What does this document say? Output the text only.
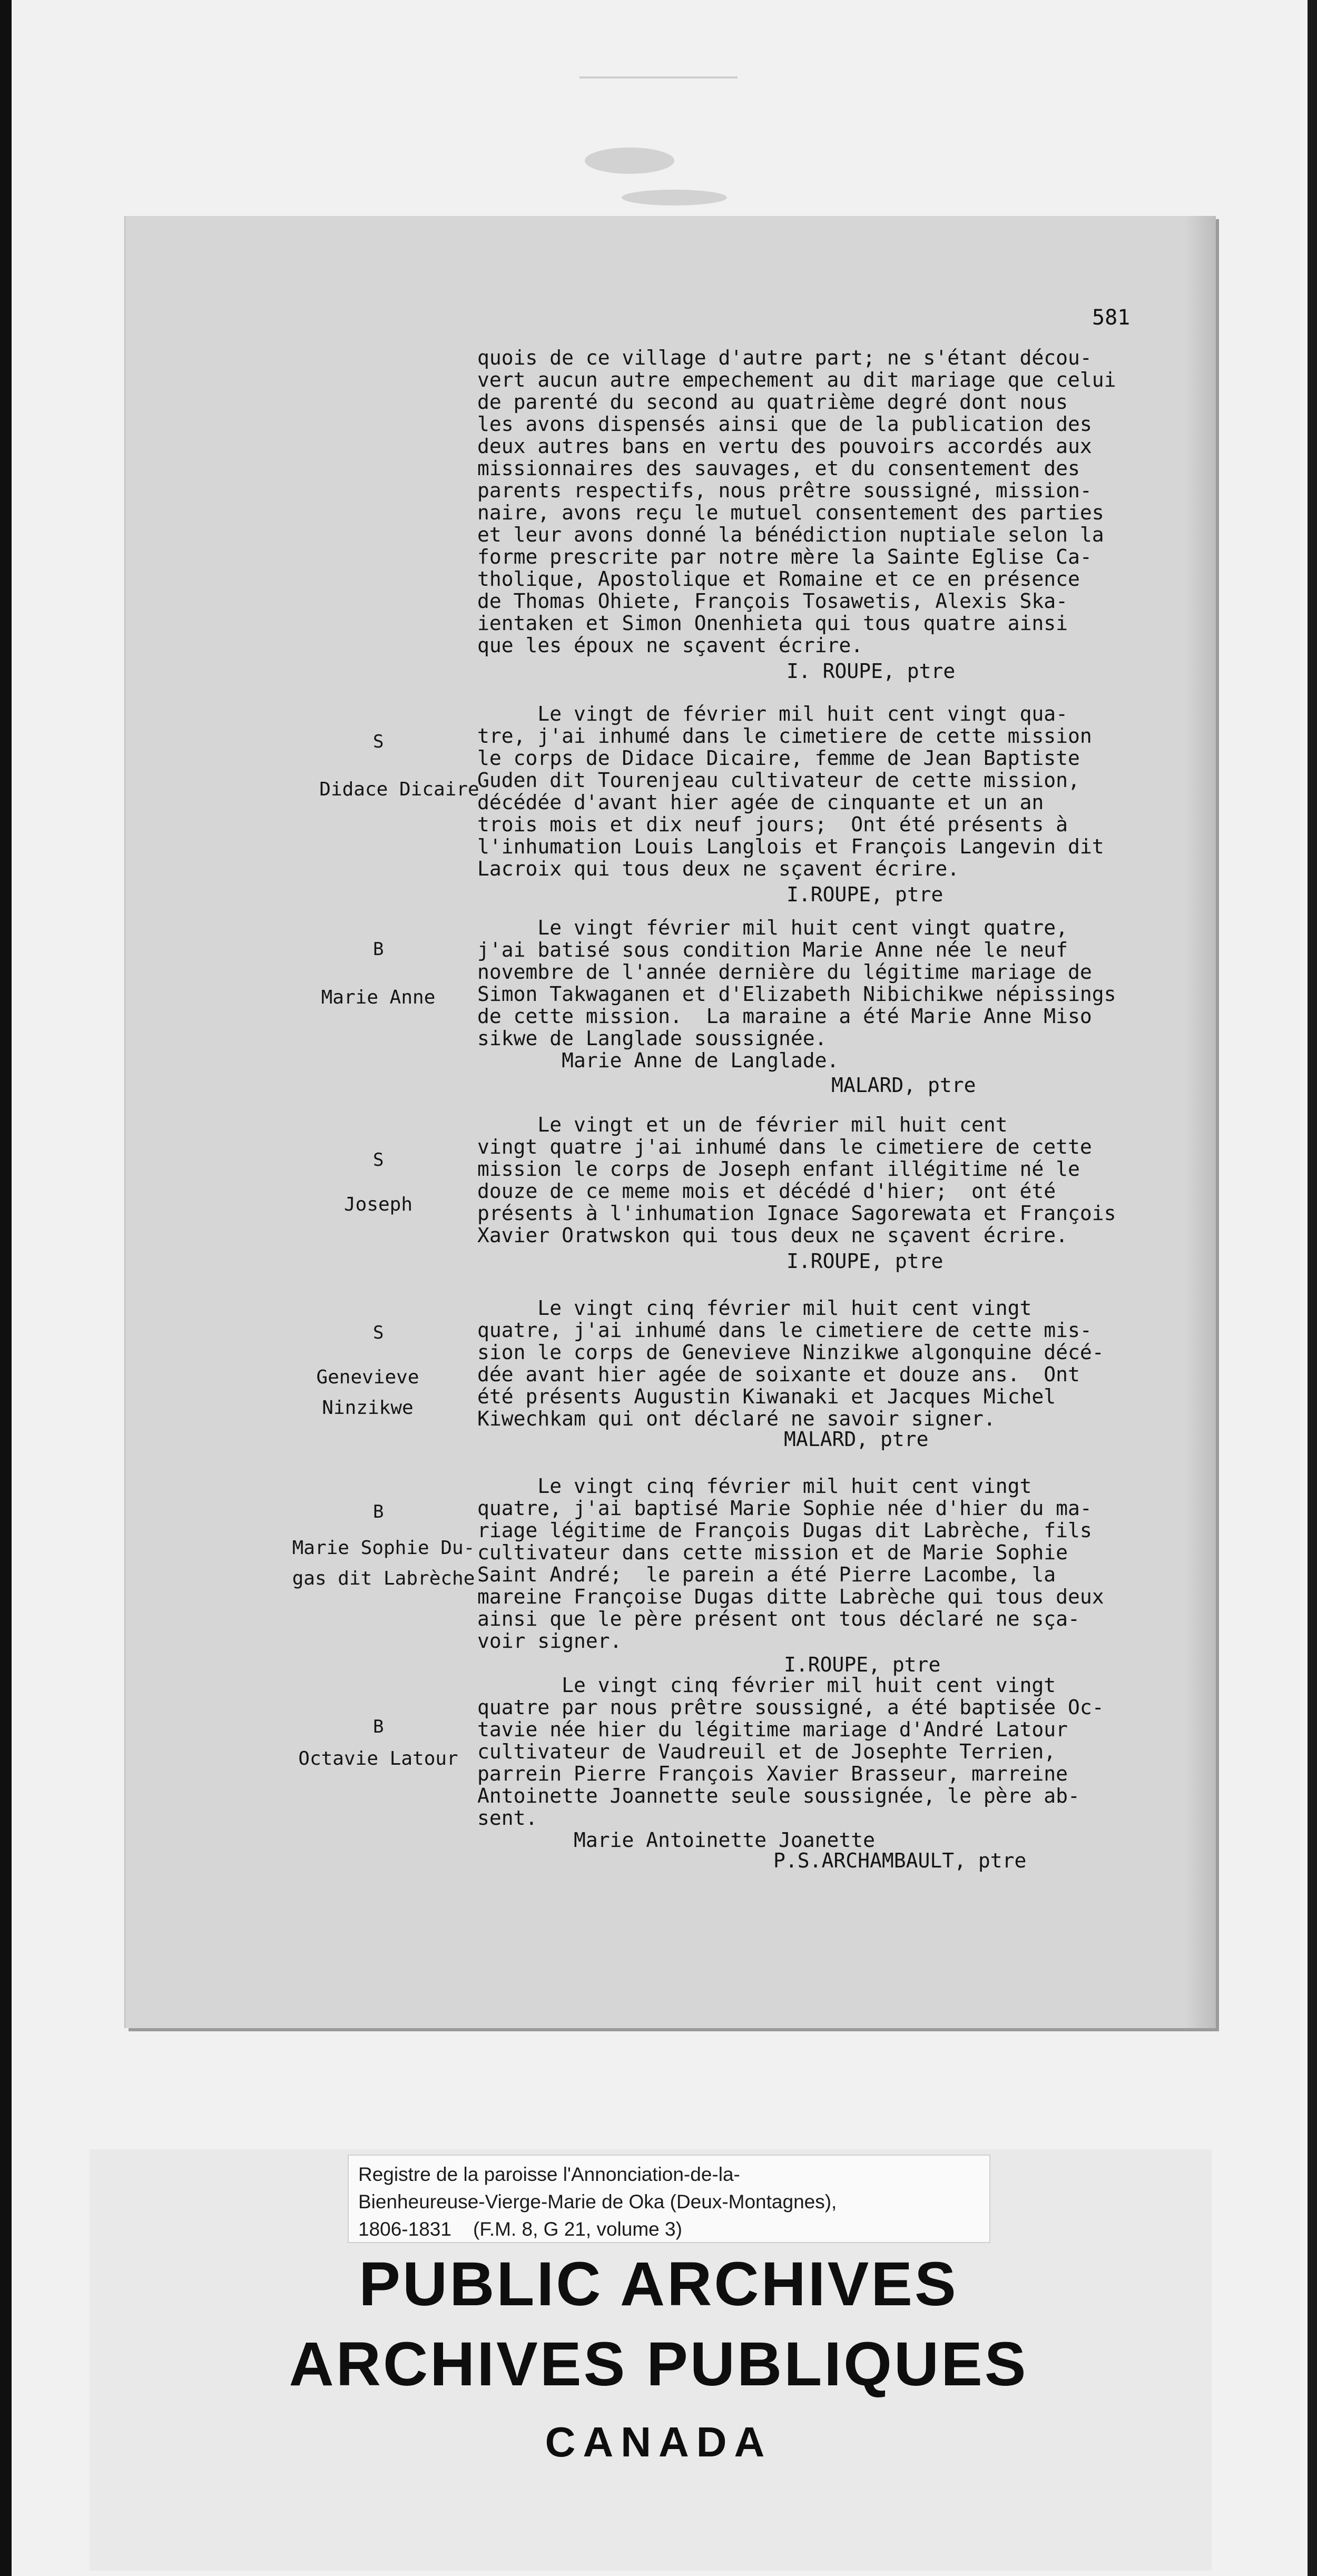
581
quois de ce village d'autre part; ne s'étant décou-
vert aucun autre empechement au dit mariage que celui
de parenté du second au quatrième degré dont nous
les avons dispensés ainsi que de la publication des
deux autres bans en vertu des pouvoirs accordés aux
missionnaires des sauvages, et du consentement des
parents respectifs, nous prêtre soussigné, mission-
naire, avons reçu le mutuel consentement des parties
et leur avons donné la bénédiction nuptiale selon la
forme prescrite par notre mère la Sainte Eglise Ca-
tholique, Apostolique et Romaine et ce en présence
de Thomas Ohiete, François Tosawetis, Alexis Ska-
ientaken et Simon Onenhieta qui tous quatre ainsi
que les époux ne sçavent écrire.
I. ROUPE, ptre
S
Didace Dicaire
Le vingt de février mil huit cent vingt qua-
tre, j'ai inhumé dans le cimetiere de cette mission
le corps de Didace Dicaire, femme de Jean Baptiste
Guden dit Tourenjeau cultivateur de cette mission,
décédée d'avant hier agée de cinquante et un an
trois mois et dix neuf jours;  Ont été présents à
l'inhumation Louis Langlois et François Langevin dit
Lacroix qui tous deux ne sçavent écrire.
I.ROUPE, ptre
B
Marie Anne
Le vingt février mil huit cent vingt quatre,
j'ai batisé sous condition Marie Anne née le neuf
novembre de l'année dernière du légitime mariage de
Simon Takwaganen et d'Elizabeth Nibichikwe népissings
de cette mission.  La maraine a été Marie Anne Miso
sikwe de Langlade soussignée.
Marie Anne de Langlade.
MALARD, ptre
S
Joseph
Le vingt et un de février mil huit cent
vingt quatre j'ai inhumé dans le cimetiere de cette
mission le corps de Joseph enfant illégitime né le
douze de ce meme mois et décédé d'hier;  ont été
présents à l'inhumation Ignace Sagorewata et François
Xavier Oratwskon qui tous deux ne sçavent écrire.
I.ROUPE, ptre
S
Genevieve
Ninzikwe
Le vingt cinq février mil huit cent vingt
quatre, j'ai inhumé dans le cimetiere de cette mis-
sion le corps de Genevieve Ninzikwe algonquine décé-
dée avant hier agée de soixante et douze ans.  Ont
été présents Augustin Kiwanaki et Jacques Michel
Kiwechkam qui ont déclaré ne savoir signer.
MALARD, ptre
B
Marie Sophie Du-
gas dit Labrèche
Le vingt cinq février mil huit cent vingt
quatre, j'ai baptisé Marie Sophie née d'hier du ma-
riage légitime de François Dugas dit Labrèche, fils
cultivateur dans cette mission et de Marie Sophie
Saint André;  le parein a été Pierre Lacombe, la
mareine Françoise Dugas ditte Labrèche qui tous deux
ainsi que le père présent ont tous déclaré ne sça-
voir signer.
I.ROUPE, ptre
B
Octavie Latour
Le vingt cinq février mil huit cent vingt
quatre par nous prêtre soussigné, a été baptisée Oc-
tavie née hier du légitime mariage d'André Latour
cultivateur de Vaudreuil et de Josephte Terrien,
parrein Pierre François Xavier Brasseur, marreine
Antoinette Joannette seule soussignée, le père ab-
sent.
Marie Antoinette Joanette
P.S.ARCHAMBAULT, ptre
Registre de la paroisse l'Annonciation-de-la-
Bienheureuse-Vierge-Marie de Oka (Deux-Montagnes),
1806-1831    (F.M. 8, G 21, volume 3)
PUBLIC ARCHIVES
ARCHIVES PUBLIQUES
CANADA
